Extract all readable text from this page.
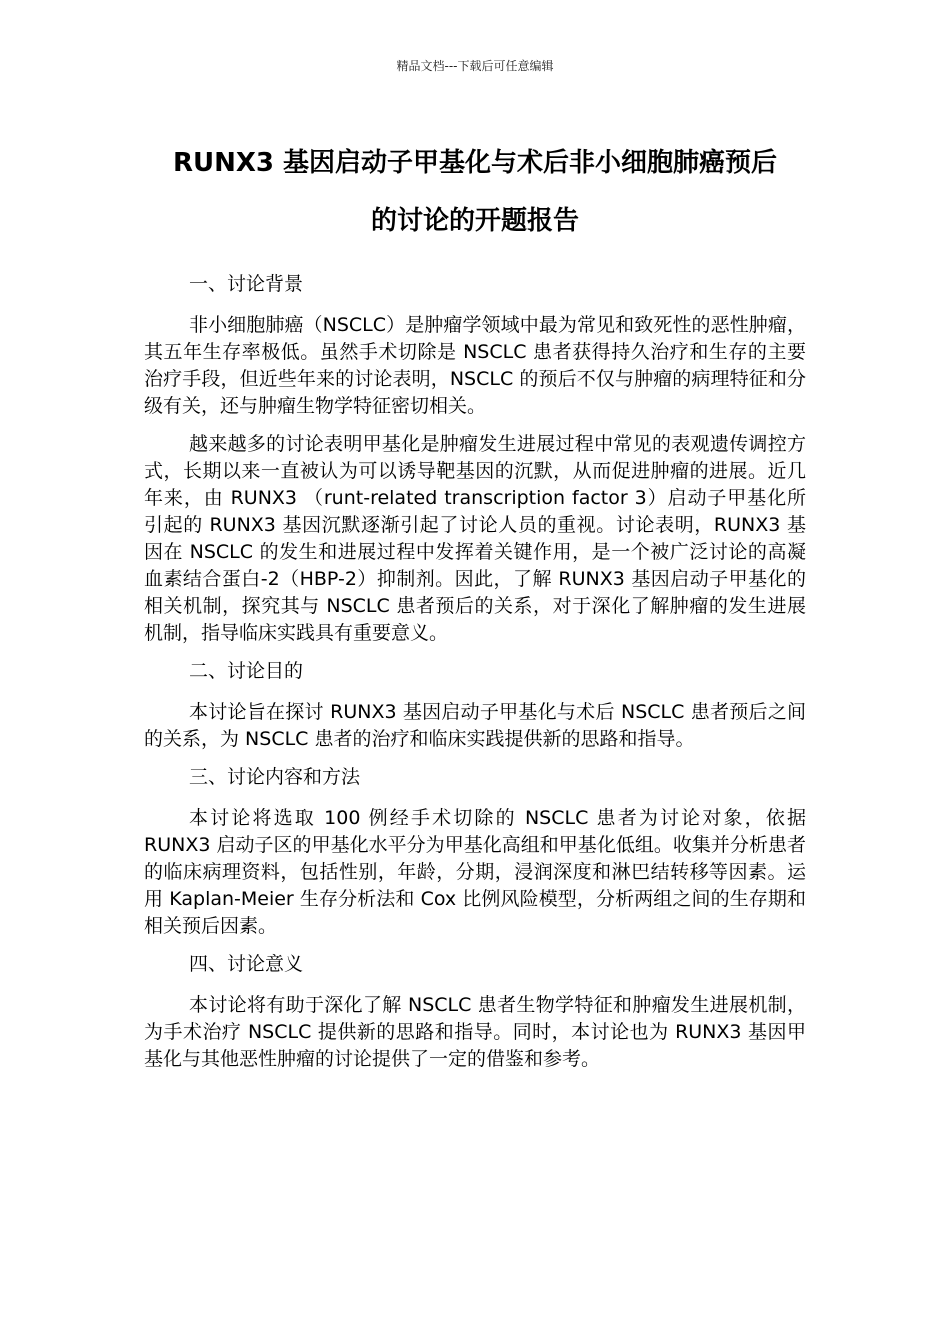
精品文档---下载后可任意编辑
RUNX3 基因启动子甲基化与术后非小细胞肺癌预后
的讨论的开题报告

一、讨论背景

非小细胞肺癌（NSCLC）是肿瘤学领域中最为常见和致死性的恶性肿瘤，其五年生存率极低。虽然手术切除是 NSCLC 患者获得持久治疗和生存的主要治疗手段，但近些年来的讨论表明，NSCLC 的预后不仅与肿瘤的病理特征和分级有关，还与肿瘤生物学特征密切相关。

越来越多的讨论表明甲基化是肿瘤发生进展过程中常见的表观遗传调控方式，长期以来一直被认为可以诱导靶基因的沉默，从而促进肿瘤的进展。近几年来，由 RUNX3 （runt-related transcription factor 3）启动子甲基化所引起的 RUNX3 基因沉默逐渐引起了讨论人员的重视。讨论表明，RUNX3 基因在 NSCLC 的发生和进展过程中发挥着关键作用，是一个被广泛讨论的高凝血素结合蛋白-2（HBP-2）抑制剂。因此，了解 RUNX3 基因启动子甲基化的相关机制，探究其与 NSCLC 患者预后的关系，对于深化了解肿瘤的发生进展机制，指导临床实践具有重要意义。

二、讨论目的

本讨论旨在探讨 RUNX3 基因启动子甲基化与术后 NSCLC 患者预后之间的关系，为 NSCLC 患者的治疗和临床实践提供新的思路和指导。

三、讨论内容和方法

本讨论将选取 100 例经手术切除的 NSCLC 患者为讨论对象，依据 RUNX3 启动子区的甲基化水平分为甲基化高组和甲基化低组。收集并分析患者的临床病理资料，包括性别，年龄，分期，浸润深度和淋巴结转移等因素。运用 Kaplan-Meier 生存分析法和 Cox 比例风险模型，分析两组之间的生存期和相关预后因素。

四、讨论意义

本讨论将有助于深化了解 NSCLC 患者生物学特征和肿瘤发生进展机制，为手术治疗 NSCLC 提供新的思路和指导。同时，本讨论也为 RUNX3 基因甲基化与其他恶性肿瘤的讨论提供了一定的借鉴和参考。
